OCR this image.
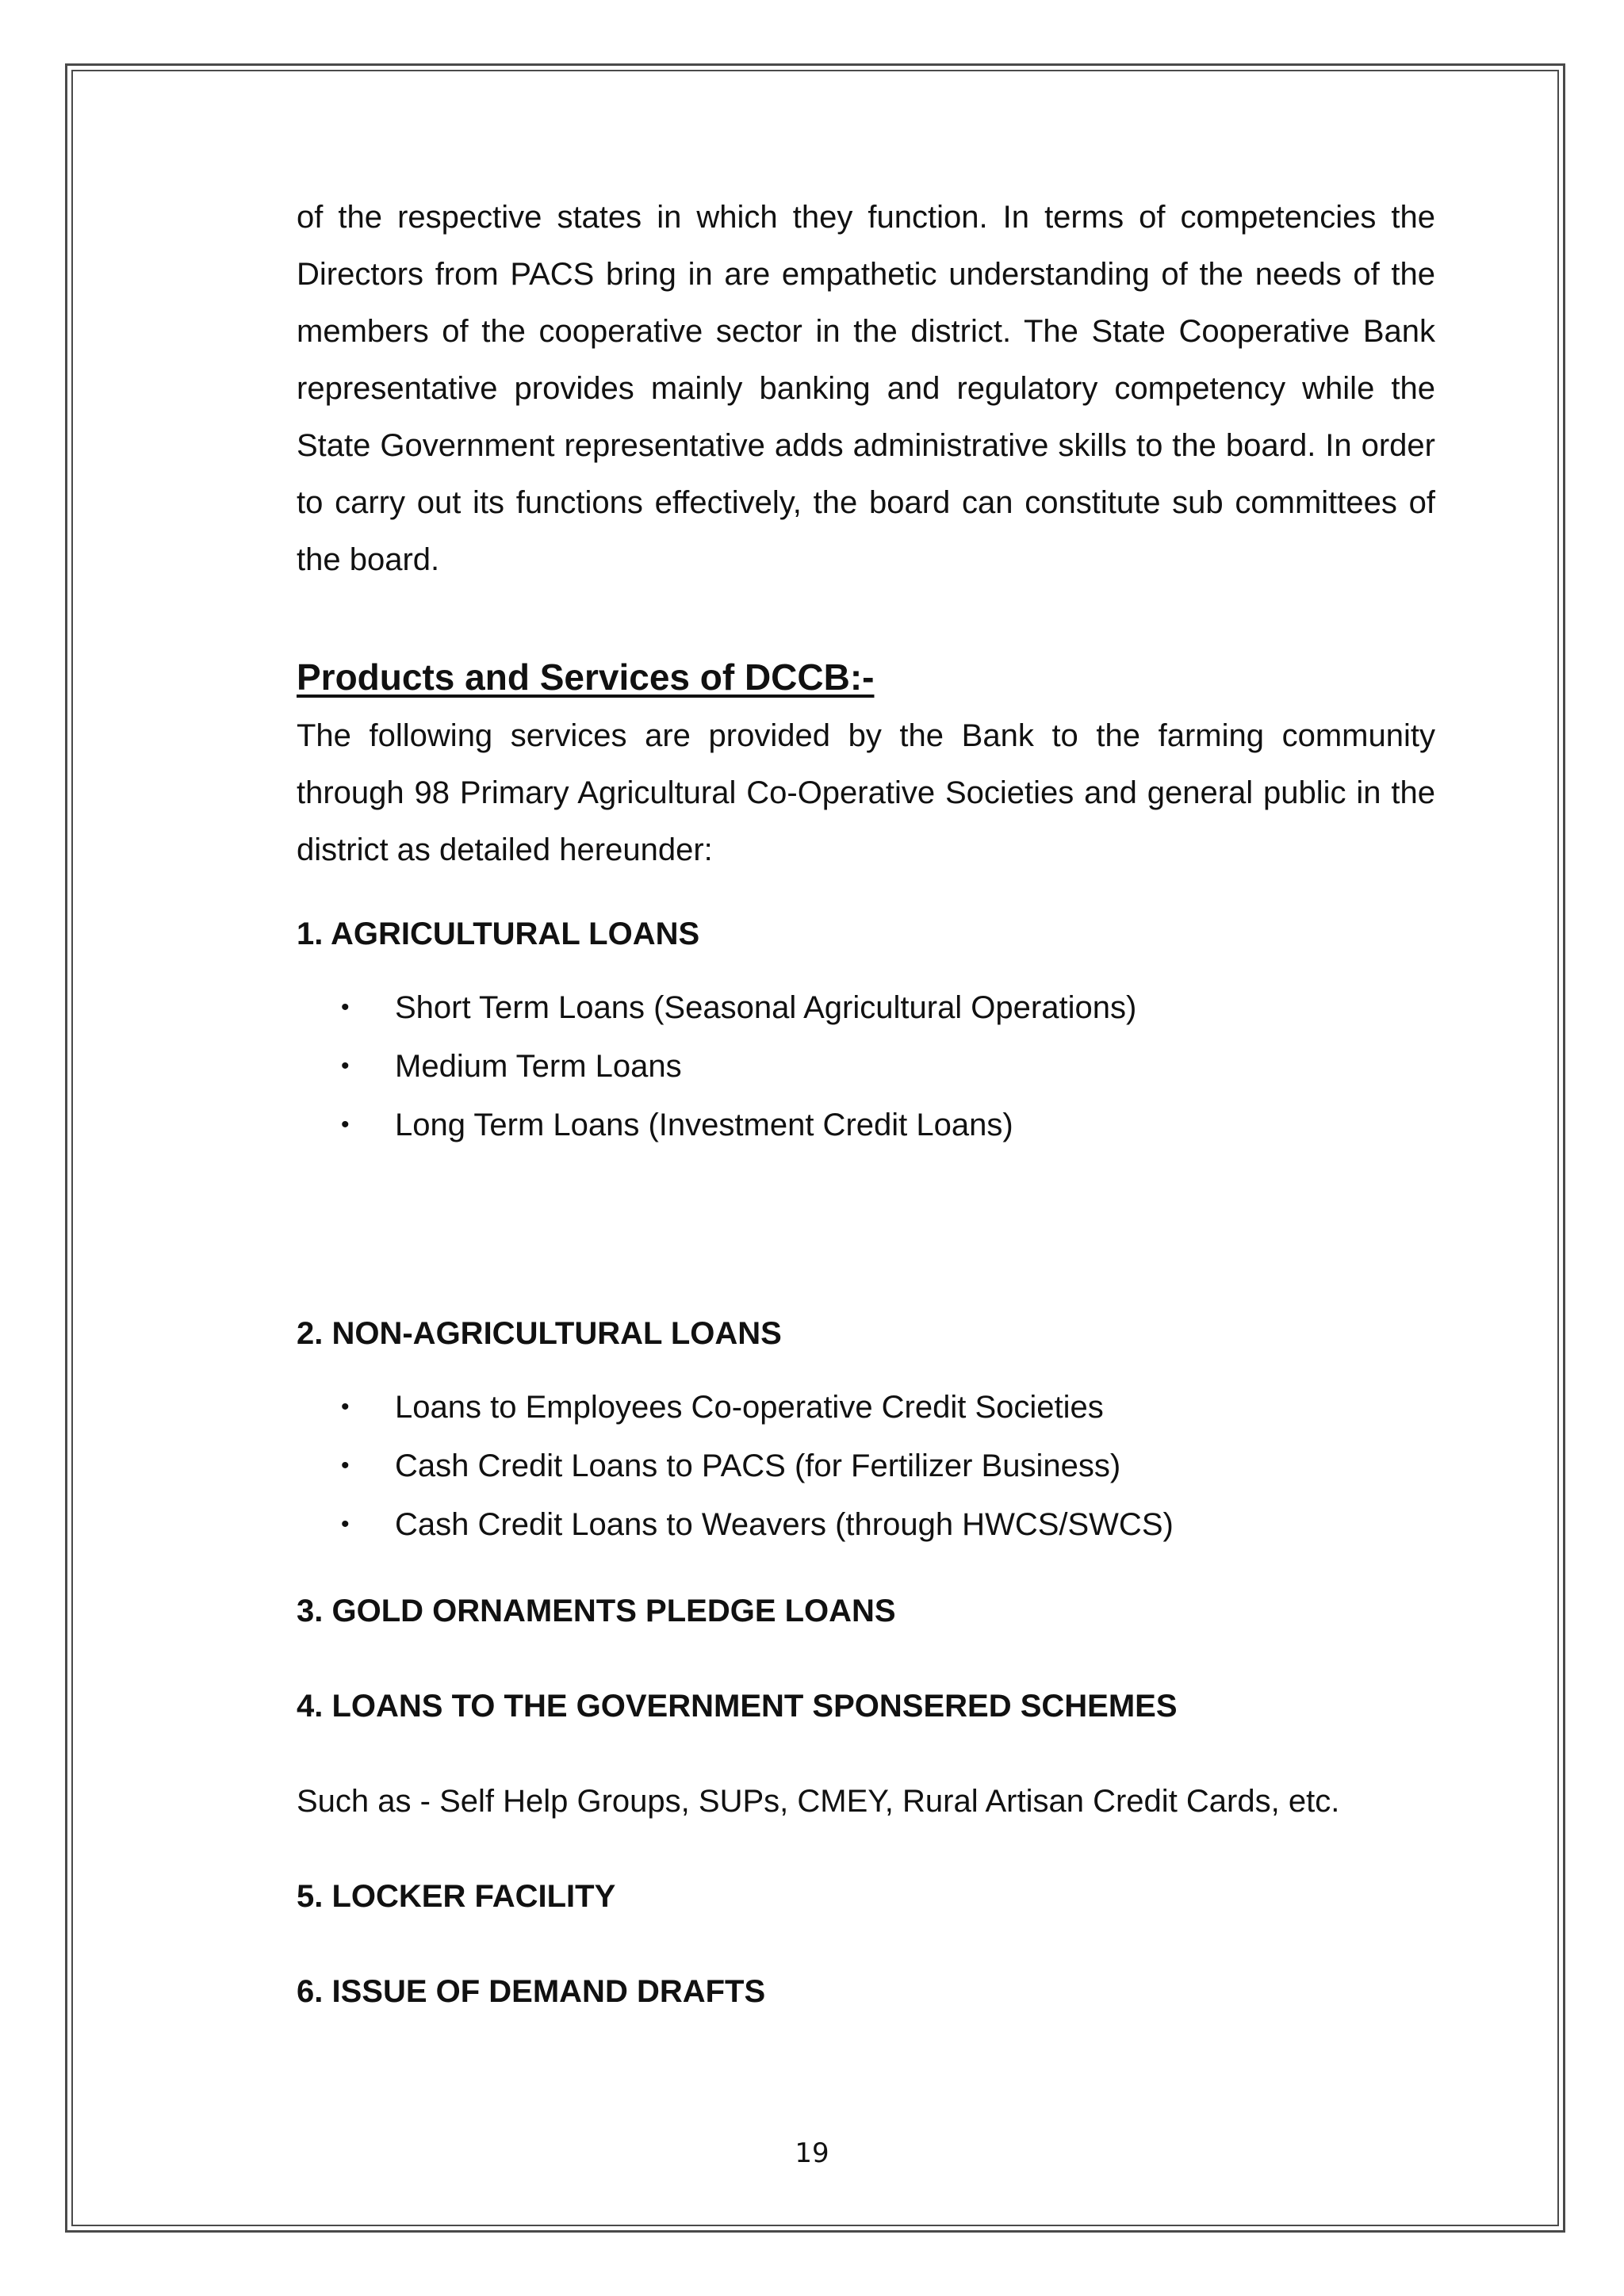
of the respective states in which they function. In terms of competencies the Directors from PACS bring in are empathetic understanding of the needs of the members of the cooperative sector in the district. The State Cooperative Bank representative provides mainly banking and regulatory competency while the State Government representative adds administrative skills to the board. In order to carry out its functions effectively, the board can constitute sub committees of the board.

Products and Services of DCCB:-

The following services are provided by the Bank to the farming community through 98 Primary Agricultural Co-Operative Societies and general public in the district as detailed hereunder:

1. AGRICULTURAL LOANS
• Short Term Loans (Seasonal Agricultural Operations)
• Medium Term Loans
• Long Term Loans (Investment Credit Loans)
2. NON-AGRICULTURAL LOANS
• Loans to Employees Co-operative Credit Societies
• Cash Credit Loans to PACS (for Fertilizer Business)
• Cash Credit Loans to Weavers (through HWCS/SWCS)
3. GOLD ORNAMENTS PLEDGE LOANS
4. LOANS TO THE GOVERNMENT SPONSERED SCHEMES

Such as - Self Help Groups, SUPs, CMEY, Rural Artisan Credit Cards, etc.

5. LOCKER FACILITY
6. ISSUE OF DEMAND DRAFTS
19
